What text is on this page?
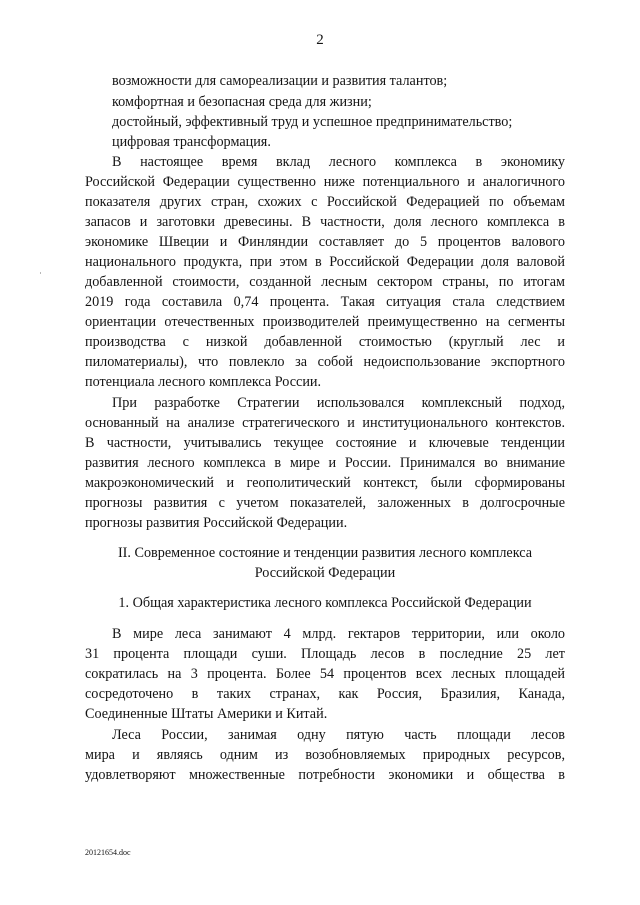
2
возможности для самореализации и развития талантов;
комфортная и безопасная среда для жизни;
достойный, эффективный труд и успешное предпринимательство;
цифровая трансформация.
В настоящее время вклад лесного комплекса в экономику
Российской Федерации существенно ниже потенциального и аналогичного
показателя других стран, схожих с Российской Федерацией по объемам
запасов и заготовки древесины. В частности, доля лесного комплекса в
экономике Швеции и Финляндии составляет до 5 процентов валового
национального продукта, при этом в Российской Федерации доля валовой
добавленной стоимости, созданной лесным сектором страны, по итогам
2019 года составила 0,74 процента. Такая ситуация стала следствием
ориентации отечественных производителей преимущественно на сегменты
производства с низкой добавленной стоимостью (круглый лес и
пиломатериалы), что повлекло за собой недоиспользование экспортного
потенциала лесного комплекса России.
При разработке Стратегии использовался комплексный подход,
основанный на анализе стратегического и институционального контекстов.
В частности, учитывались текущее состояние и ключевые тенденции
развития лесного комплекса в мире и России. Принимался во внимание
макроэкономический и геополитический контекст, были сформированы
прогнозы развития с учетом показателей, заложенных в долгосрочные
прогнозы развития Российской Федерации.
II. Современное состояние и тенденции развития лесного комплекса
Российской Федерации
1. Общая характеристика лесного комплекса Российской Федерации
В мире леса занимают 4 млрд. гектаров территории, или около
31 процента площади суши. Площадь лесов в последние 25 лет
сократилась на 3 процента. Более 54 процентов всех лесных площадей
сосредоточено в таких странах, как Россия, Бразилия, Канада,
Соединенные Штаты Америки и Китай.
Леса России, занимая одну пятую часть площади лесов
мира и являясь одним из возобновляемых природных ресурсов,
удовлетворяют множественные потребности экономики и общества в
20121654.doc
